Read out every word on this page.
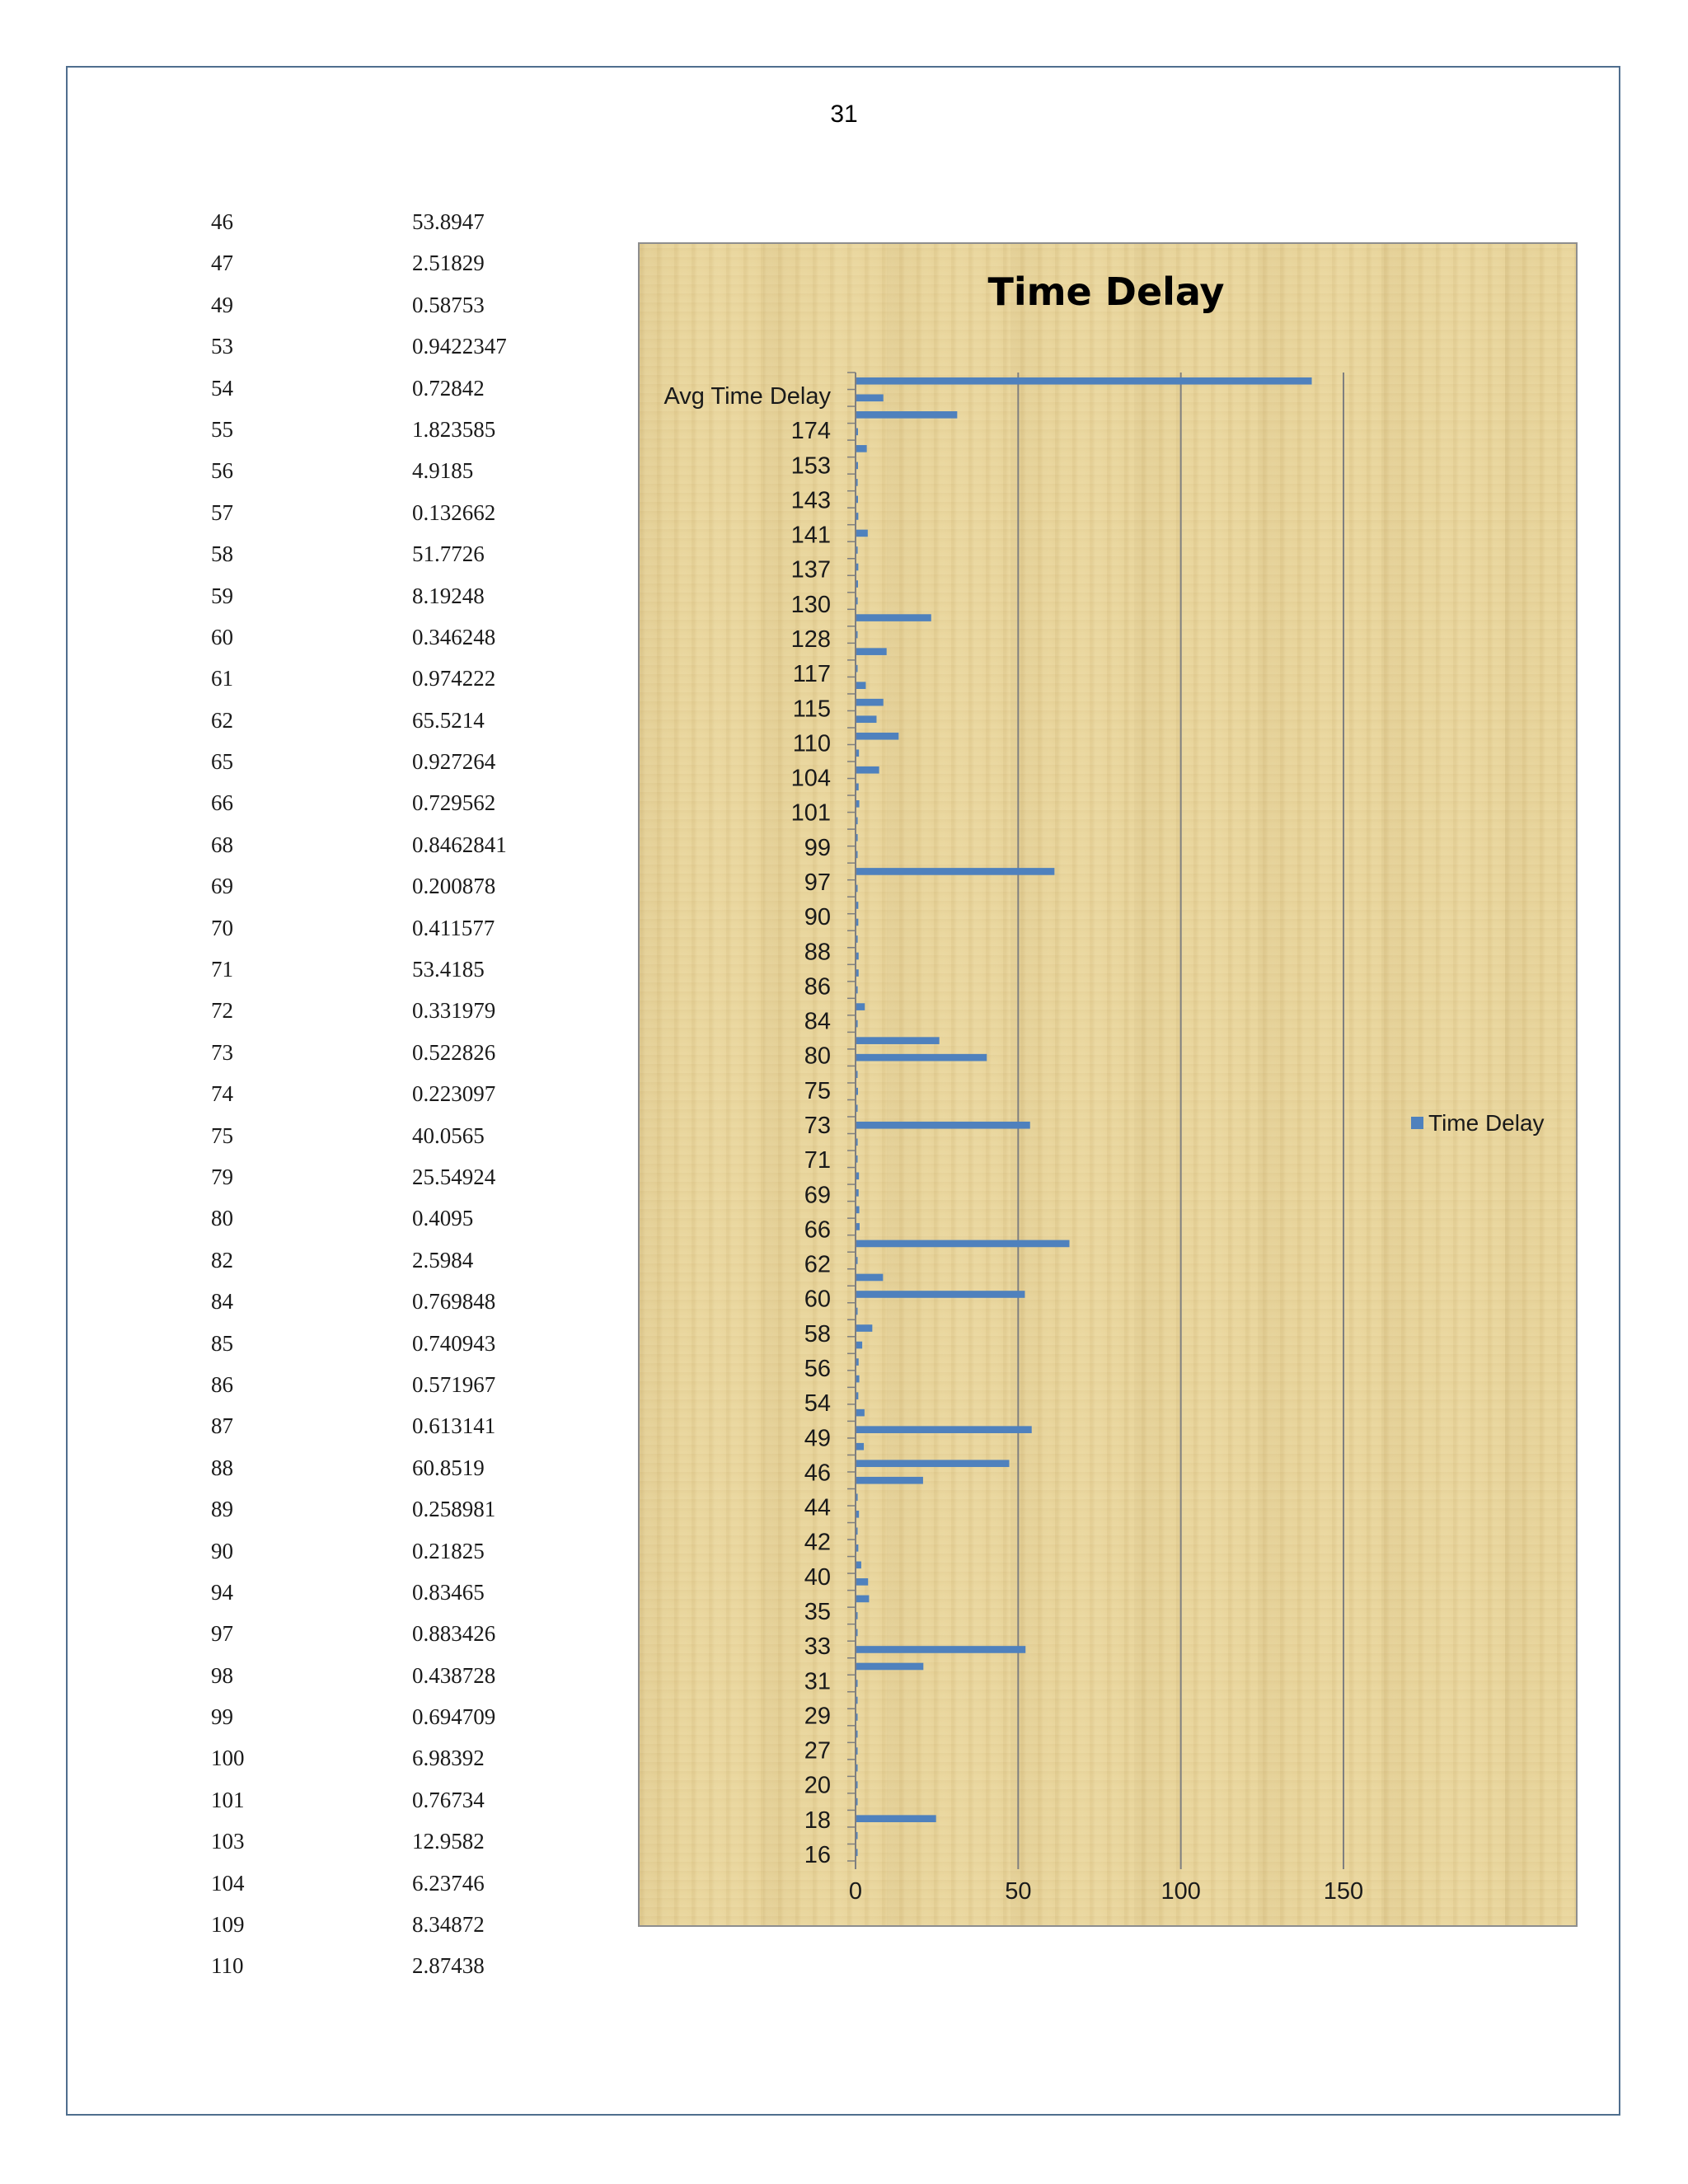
31
46	53.8947
47	2.51829
49	0.58753
53	0.9422347
54	0.72842
55	1.823585
56	4.9185
57	0.132662
58	51.7726
59	8.19248
60	0.346248
61	0.974222
62	65.5214
65	0.927264
66	0.729562
68	0.8462841
69	0.200878
70	0.411577
71	53.4185
72	0.331979
73	0.522826
74	0.223097
75	40.0565
79	25.54924
80	0.4095
82	2.5984
84	0.769848
85	0.740943
86	0.571967
87	0.613141
88	60.8519
89	0.258981
90	0.21825
94	0.83465
97	0.883426
98	0.438728
99	0.694709
100	6.98392
101	0.76734
103	12.9582
104	6.23746
109	8.34872
110	2.87438
Time Delay
Avg Time Delay
174
153
143
141
137
130
128
117
115
110
104
101
99
97
90
88
86
84
80
75
73
71
69
66
62
60
58
56
54
49
46
44
42
40
35
33
31
29
27
20
18
16
0	50	100	150
Time Delay
